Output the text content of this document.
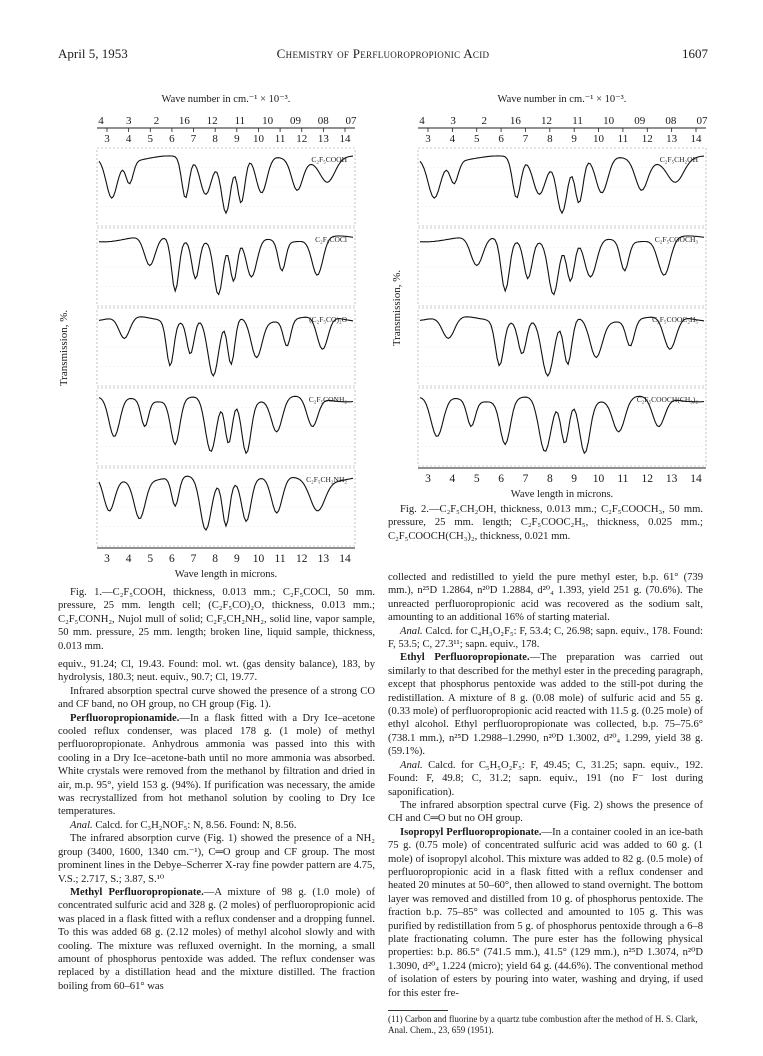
April 5, 1953	Chemistry of Perfluoropropionic Acid	1607
Wave number in cm.⁻¹ × 10⁻³.
4 3 2 16 12 11 10 09 08 07
3 4 5 6 7 8 9 10 11 12 13 14
C₂F₅COOH
C₂F₅COCl
(C₂F₅CO)₂O
C₂F₅CONH₂
C₂F₅CH₂NH₂
Transmission, %.
3 4 5 6 7 8 9 10 11 12 13 14
Wave length in microns.
Fig. 1.—C₂F₅COOH, thickness, 0.013 mm.; C₂F₅COCl, 50 mm. pressure, 25 mm. length cell; (C₂F₅CO)₂O, thickness, 0.013 mm.; C₂F₅CONH₂, Nujol mull of solid; C₂F₅CH₂NH₂, solid line, vapor sample, 50 mm. pressure, 25 mm. length; broken line, liquid sample, thickness, 0.013 mm.
Wave number in cm.⁻¹ × 10⁻³.
4 3 2 16 12 11 10 09 08 07
3 4 5 6 7 8 9 10 11 12 13 14
C₂F₅CH₂OH
C₂F₅COOCH₃
C₂F₅COOC₂H₅
C₂F₅COOCH(CH₃)₂
Transmission, %.
3 4 5 6 7 8 9 10 11 12 13 14
Wave length in microns.
Fig. 2.—C₂F₅CH₂OH, thickness, 0.013 mm.; C₂F₅COOCH₃, 50 mm. pressure, 25 mm. length; C₂F₅COOC₂H₅, thickness, 0.025 mm.; C₂F₅COOCH(CH₃)₂, thickness, 0.021 mm.

equiv., 91.24; Cl, 19.43. Found: mol. wt. (gas density balance), 183, by hydrolysis, 180.3; neut. equiv., 90.7; Cl, 19.77.

Infrared absorption spectral curve showed the presence of a strong CO and CF band, no OH group, no CH group (Fig. 1).

Perfluoropropionamide.—In a flask fitted with a Dry Ice–acetone cooled reflux condenser, was placed 178 g. (1 mole) of methyl perfluoropropionate. Anhydrous ammonia was passed into this with cooling in a Dry Ice–acetone-bath until no more ammonia was absorbed. White crystals were removed from the methanol by filtration and dried in air, m.p. 95°, yield 153 g. (94%). If purification was necessary, the amide was recrystallized from hot methanol solution by cooling to Dry Ice temperatures.

Anal. Calcd. for C₃H₂NOF₅: N, 8.56. Found: N, 8.56.

The infrared absorption curve (Fig. 1) showed the presence of a NH₂ group (3400, 1600, 1340 cm.⁻¹), C═O group and CF group. The most prominent lines in the Debye–Scherrer X-ray fine powder pattern are 4.75, V.S.; 2.717, S.; 3.87, S.¹⁰

Methyl Perfluoropropionate.—A mixture of 98 g. (1.0 mole) of concentrated sulfuric acid and 328 g. (2 moles) of perfluoropropionic acid was placed in a flask fitted with a reflux condenser and a dropping funnel. To this was added 68 g. (2.12 moles) of methyl alcohol slowly and with cooling. The mixture was refluxed overnight. In the morning, a small amount of phosphorus pentoxide was added. The reflux condenser was replaced by a distillation head and the mixture distilled. The fraction boiling from 60–61° was

collected and redistilled to yield the pure methyl ester, b.p. 61° (739 mm.), n²⁵D 1.2864, n²⁰D 1.2884, d²⁰₄ 1.393, yield 251 g. (70.6%). The unreacted perfluoropropionic acid was recovered as the sodium salt, amounting to an additional 16% of starting material.

Anal. Calcd. for C₄H₃O₂F₅: F, 53.4; C, 26.98; sapn. equiv., 178. Found: F, 53.5; C, 27.3¹¹; sapn. equiv., 178.

Ethyl Perfluoropropionate.—The preparation was carried out similarly to that described for the methyl ester in the preceding paragraph, except that phosphorus pentoxide was added to the still-pot during the redistillation. A mixture of 8 g. (0.08 mole) of sulfuric acid and 55 g. (0.33 mole) of perfluoropropionic acid reacted with 11.5 g. (0.25 mole) of ethyl alcohol. Ethyl perfluoropropionate was collected, b.p. 75–75.6° (738.1 mm.), n²⁵D 1.2988–1.2990, n²⁰D 1.3002, d²⁰₄ 1.299, yield 38 g. (59.1%).

Anal. Calcd. for C₅H₅O₂F₅: F, 49.45; C, 31.25; sapn. equiv., 192. Found: F, 49.8; C, 31.2; sapn. equiv., 191 (no F⁻ lost during saponification).

The infrared absorption spectral curve (Fig. 2) shows the presence of CH and C═O but no OH group.

Isopropyl Perfluoropropionate.—In a container cooled in an ice-bath 75 g. (0.75 mole) of concentrated sulfuric acid was added to 60 g. (1 mole) of isopropyl alcohol. This mixture was added to 82 g. (0.5 mole) of perfluoropropionic acid in a flask fitted with a reflux condenser and heated 20 minutes at 50–60°, then allowed to stand overnight. The bottom layer was removed and distilled from 10 g. of phosphorus pentoxide. The fraction b.p. 75–85° was collected and amounted to 105 g. This was purified by redistillation from 5 g. of phosphorus pentoxide through a 6–8 plate fractionating column. The pure ester has the following physical properties: b.p. 86.5° (741.5 mm.), 41.5° (129 mm.), n²⁵D 1.3074, n²⁰D 1.3090, d²⁰₄ 1.224 (micro); yield 64 g. (44.6%). The conventional method of isolation of esters by pouring into water, washing and drying, if used for this ester fre-

(11) Carbon and fluorine by a quartz tube combustion after the method of H. S. Clark, Anal. Chem., 23, 659 (1951).
